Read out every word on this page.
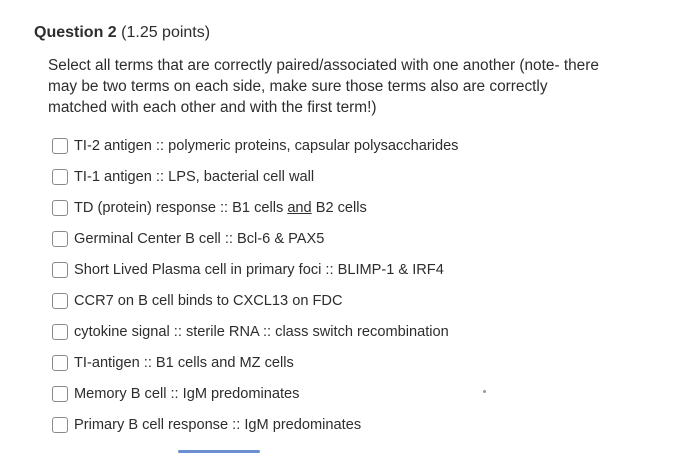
Question 2 (1.25 points)
Select all terms that are correctly paired/associated with one another (note- there may be two terms on each side, make sure those terms also are correctly matched with each other and with the first term!)
TI-2 antigen :: polymeric proteins, capsular polysaccharides
TI-1 antigen :: LPS, bacterial cell wall
TD (protein) response :: B1 cells and B2 cells
Germinal Center B cell :: Bcl-6 & PAX5
Short Lived Plasma cell in primary foci :: BLIMP-1 & IRF4
CCR7 on B cell binds to CXCL13 on FDC
cytokine signal :: sterile RNA :: class switch recombination
TI-antigen :: B1 cells and MZ cells
Memory B cell :: IgM predominates
Primary B cell response :: IgM predominates
